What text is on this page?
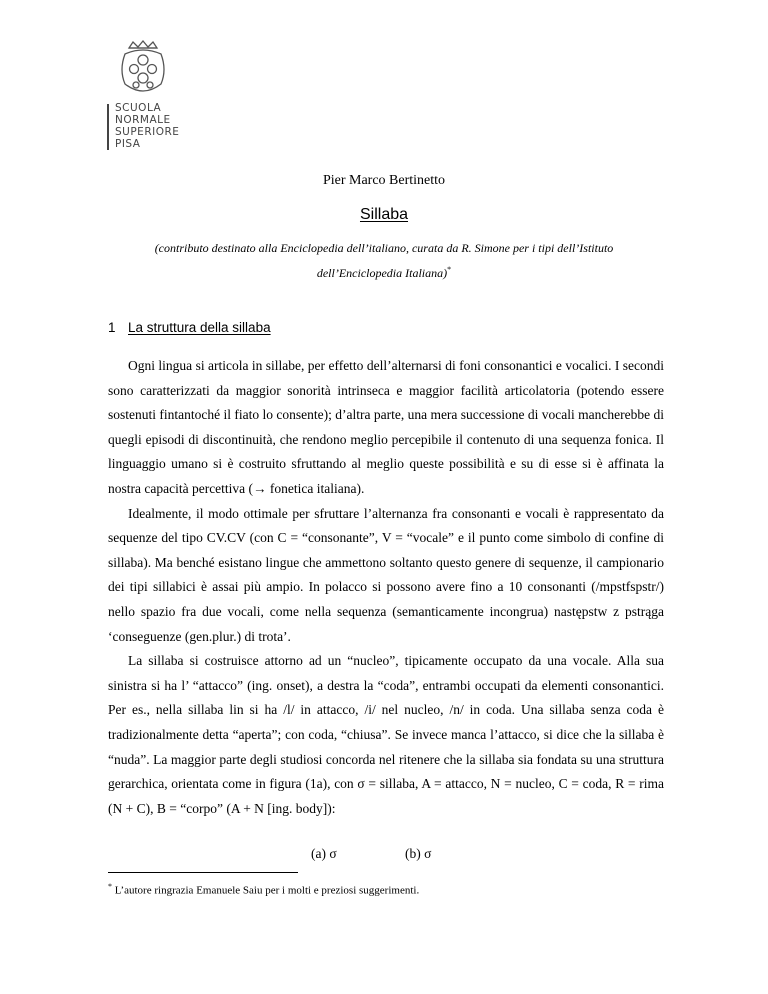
SCUOLA
NORMALE
SUPERIORE
PISA
Pier Marco Bertinetto
Sillaba
(contributo destinato alla Enciclopedia dell’italiano, curata da R. Simone per i tipi dell’Istituto dell’Enciclopedia Italiana)*
1 La struttura della sillaba

Ogni lingua si articola in sillabe, per effetto dell’alternarsi di foni consonantici e vocalici. I secondi sono caratterizzati da maggior sonorità intrinseca e maggior facilità articolatoria (potendo essere sostenuti fintantoché il fiato lo consente); d’altra parte, una mera successione di vocali mancherebbe di quegli episodi di discontinuità, che rendono meglio percepibile il contenuto di una sequenza fonica. Il linguaggio umano si è costruito sfruttando al meglio queste possibilità e su di esse si è affinata la nostra capacità percettiva (→ fonetica italiana).

Idealmente, il modo ottimale per sfruttare l’alternanza fra consonanti e vocali è rappresentato da sequenze del tipo CV.CV (con C = “consonante”, V = “vocale” e il punto come simbolo di confine di sillaba). Ma benché esistano lingue che ammettono soltanto questo genere di sequenze, il campionario dei tipi sillabici è assai più ampio. In polacco si possono avere fino a 10 consonanti (/mpstfspstr/) nello spazio fra due vocali, come nella sequenza (semanticamente incongrua) następstw z pstrąga ‘conseguenze (gen.plur.) di trota’.

La sillaba si costruisce attorno ad un “nucleo”, tipicamente occupato da una vocale. Alla sua sinistra si ha l’ “attacco” (ing. onset), a destra la “coda”, entrambi occupati da elementi consonantici. Per es., nella sillaba lin si ha /l/ in attacco, /i/ nel nucleo, /n/ in coda. Una sillaba senza coda è tradizionalmente detta “aperta”; con coda, “chiusa”. Se invece manca l’attacco, si dice che la sillaba è “nuda”. La maggior parte degli studiosi concorda nel ritenere che la sillaba sia fondata su una struttura gerarchica, orientata come in figura (1a), con σ = sillaba, A = attacco, N = nucleo, C = coda, R = rima (N + C), B = “corpo” (A + N [ing. body]):

(a) σ	(b) σ
* L’autore ringrazia Emanuele Saiu per i molti e preziosi suggerimenti.
